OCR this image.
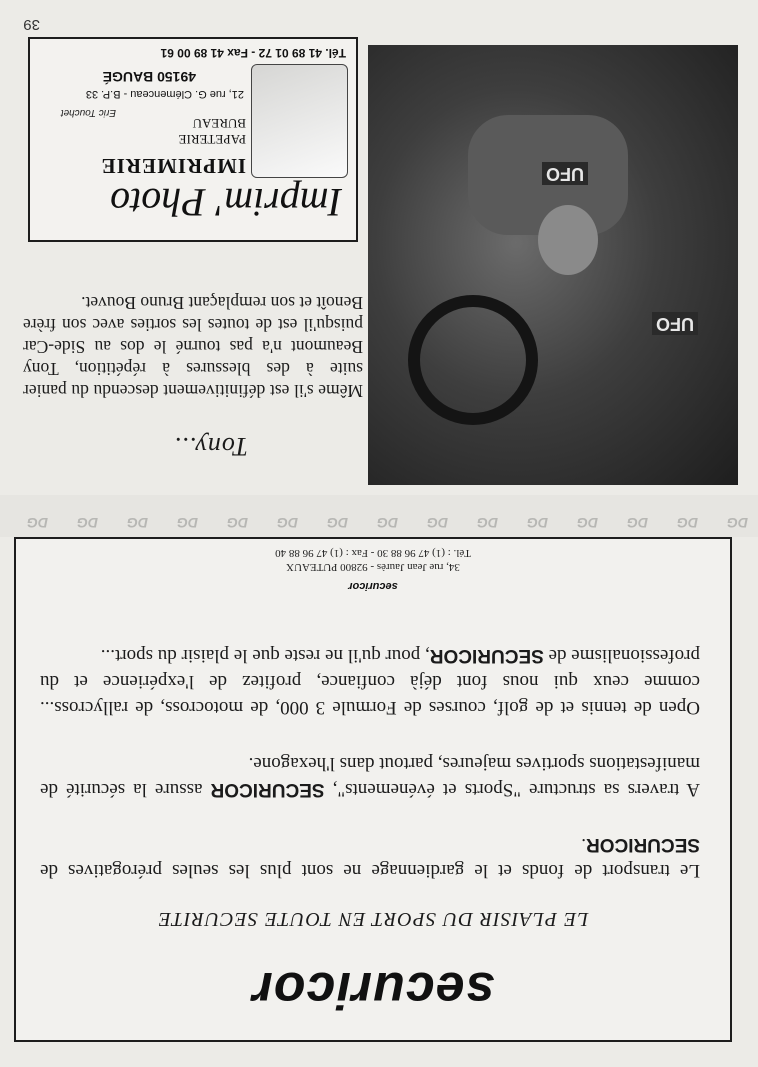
securicor
LE PLAISIR DU SPORT EN TOUTE SECURITE

Le transport de fonds et le gardiennage ne sont plus les seules prérogatives de SECURICOR.

A travers sa structure "Sports et événements", SECURICOR assure la sécurité de manifestations sportives majeures, partout dans l'hexagone.

Open de tennis et de golf, courses de Formule 3 000, de motocross, de rallycross... comme ceux qui nous font déjà confiance, profitez de l'expérience et du professionalisme de SECURICOR, pour qu'il ne reste que le plaisir du sport...

securicor
34, rue Jean Jaurès - 92800 PUTEAUX
Tél. : (1) 47 96 88 30 - Fax : (1) 47 96 88 40
DG
DG
DG
DG
DG
DG
DG
DG
DG
DG
DG
DG
DG
DG
DG
UFO
UFO
Tony...

Même s'il est définitivement descendu du panier suite à des blessures à répétition, Tony Beaumont n'a pas tourné le dos au Side-Car puisqu'il est de toutes les sorties avec son frère Benoît et son remplaçant Bruno Bouvet.

Imprim' Photo
IMPRIMERIE
PAPETERIE
BUREAU
Eric Touchet
21, rue G. Clémenceau - B.P. 33
49150 BAUGÉ
Tél. 41 89 01 72 - Fax 41 89 00 61
39
